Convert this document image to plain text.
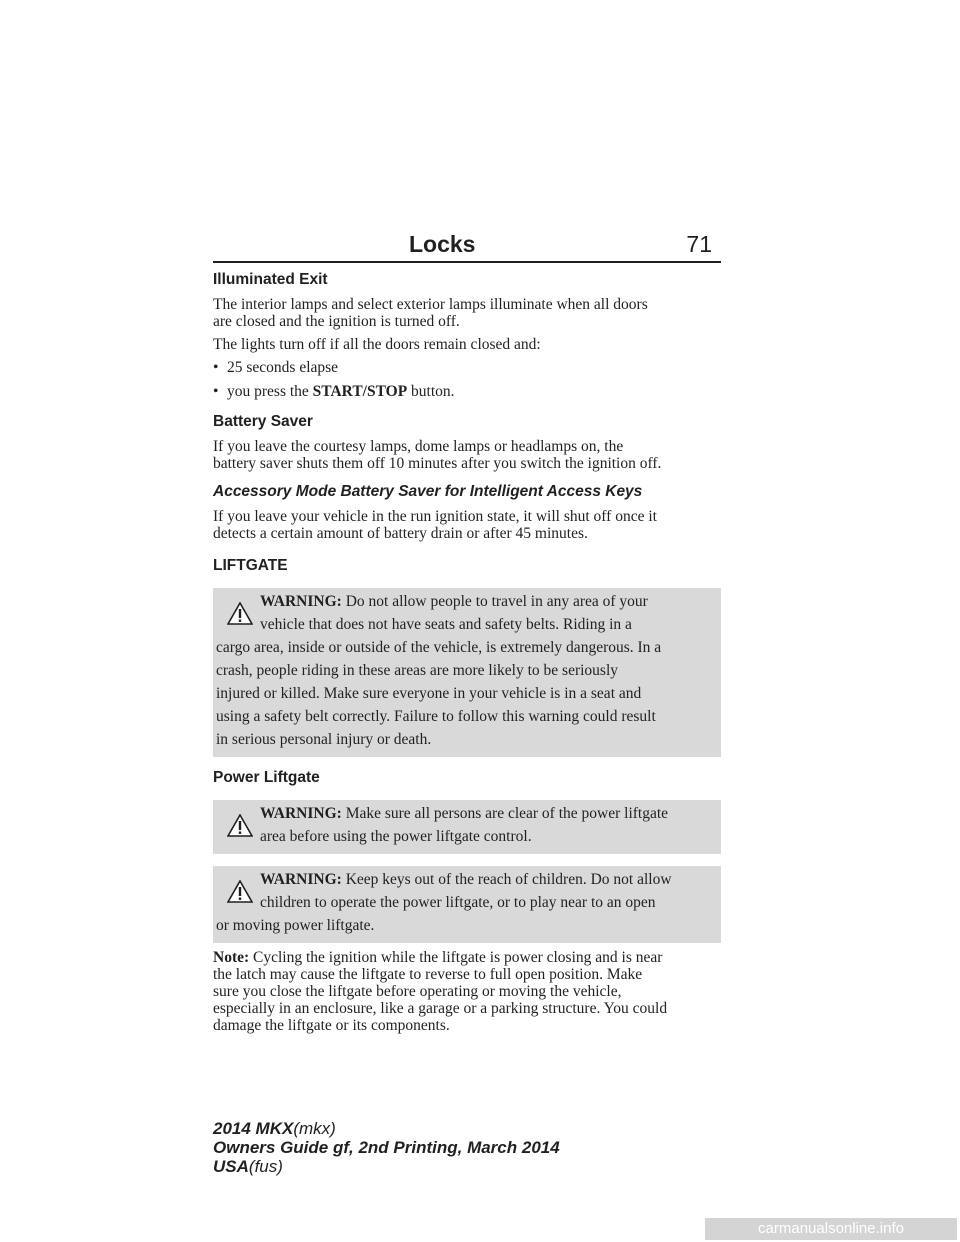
Locks	71

Illuminated Exit

The interior lamps and select exterior lamps illuminate when all doors
are closed and the ignition is turned off.

The lights turn off if all the doors remain closed and:

• 25 seconds elapse

• you press the START/STOP button.

Battery Saver

If you leave the courtesy lamps, dome lamps or headlamps on, the
battery saver shuts them off 10 minutes after you switch the ignition off.

Accessory Mode Battery Saver for Intelligent Access Keys

If you leave your vehicle in the run ignition state, it will shut off once it
detects a certain amount of battery drain or after 45 minutes.

LIFTGATE

WARNING: Do not allow people to travel in any area of your
vehicle that does not have seats and safety belts. Riding in a
cargo area, inside or outside of the vehicle, is extremely dangerous. In a
crash, people riding in these areas are more likely to be seriously
injured or killed. Make sure everyone in your vehicle is in a seat and
using a safety belt correctly. Failure to follow this warning could result
in serious personal injury or death.

Power Liftgate

WARNING: Make sure all persons are clear of the power liftgate
area before using the power liftgate control.
WARNING: Keep keys out of the reach of children. Do not allow
children to operate the power liftgate, or to play near to an open
or moving power liftgate.

Note: Cycling the ignition while the liftgate is power closing and is near
the latch may cause the liftgate to reverse to full open position. Make
sure you close the liftgate before operating or moving the vehicle,
especially in an enclosure, like a garage or a parking structure. You could
damage the liftgate or its components.

2014 MKX(mkx)
Owners Guide gf, 2nd Printing, March 2014
USA(fus)
carmanualsonline.info
